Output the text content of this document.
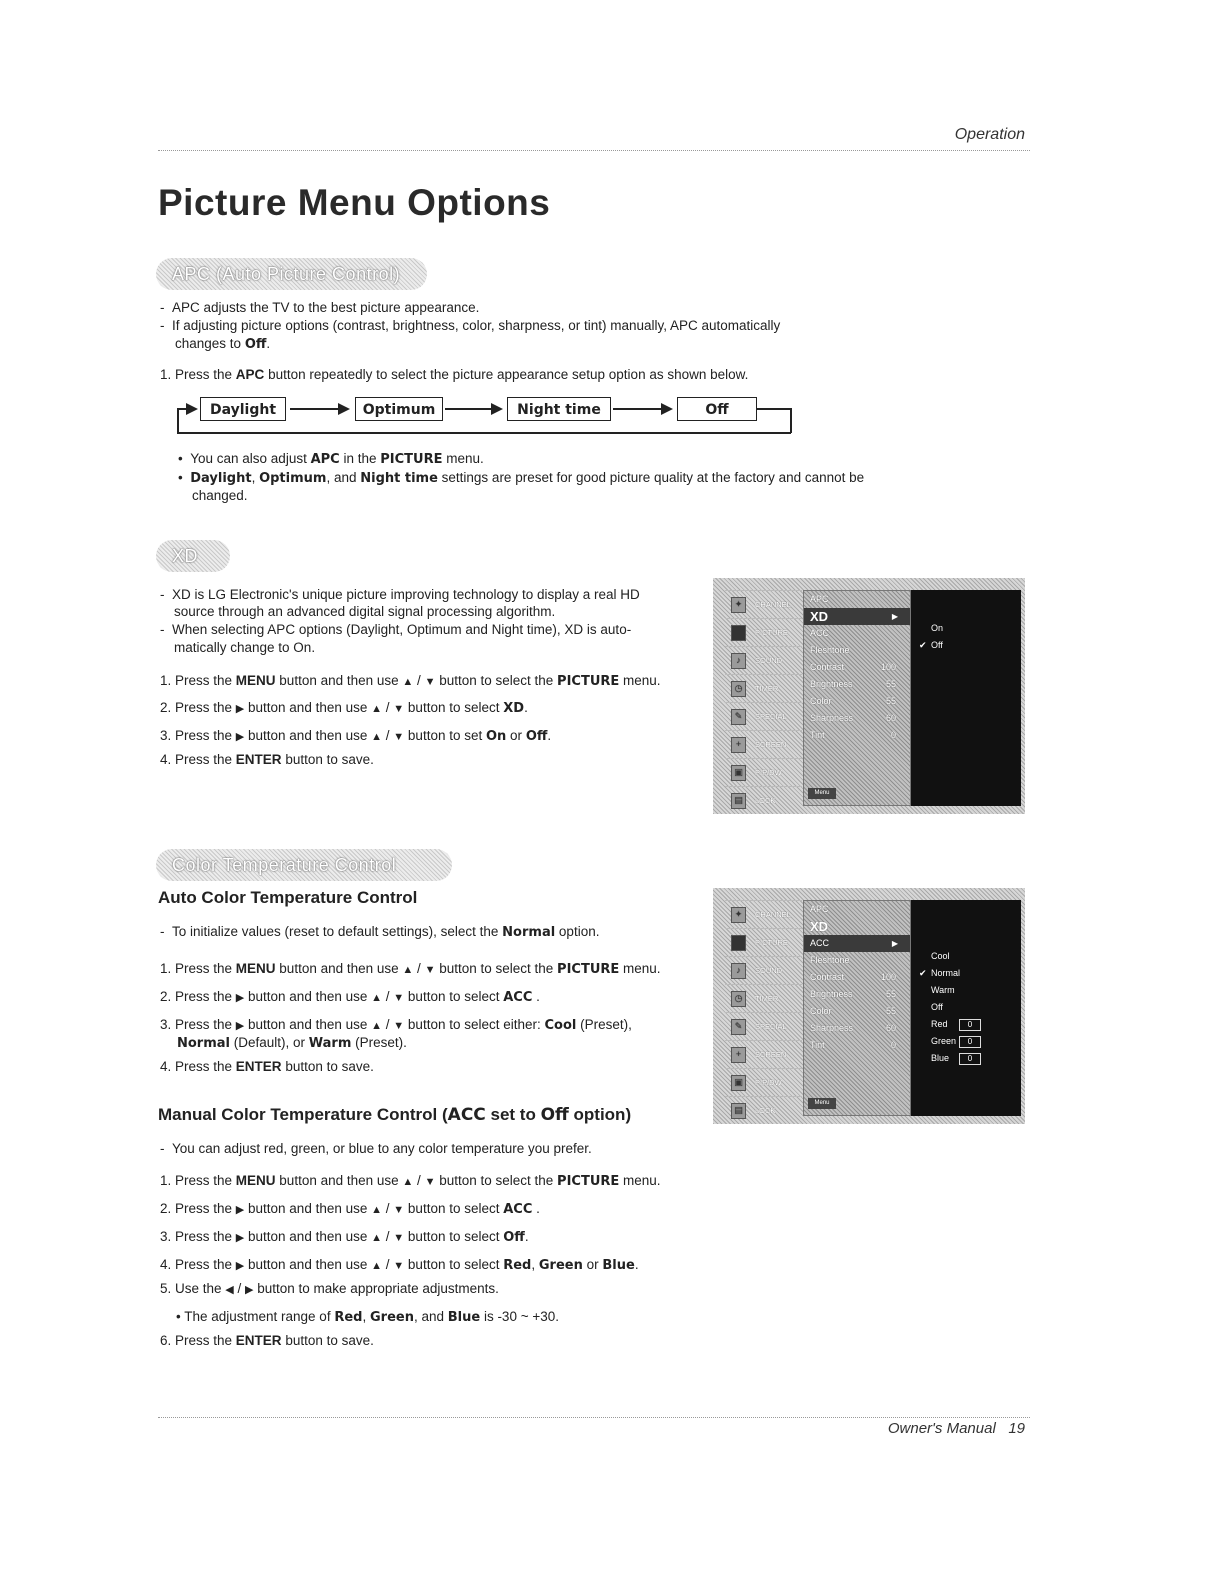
Operation
Picture Menu Options
APC (Auto Picture Control)
-  APC adjusts the TV to the best picture appearance.
-  If adjusting picture options (contrast, brightness, color, sharpness, or tint) manually, APC automatically
changes to Off.
1. Press the APC button repeatedly to select the picture appearance setup option as shown below.
Daylight	Optimum	Night time	Off
•  You can also adjust APC in the PICTURE menu.
•  Daylight, Optimum, and Night time settings are preset for good picture quality at the factory and cannot be
changed.
XD
-  XD is LG Electronic's unique picture improving technology to display a real HD
source through an advanced digital signal processing algorithm.
-  When selecting APC options (Daylight, Optimum and Night time), XD is auto-
matically change to On.
1. Press the MENU button and then use ▲ / ▼ button to select the PICTURE menu.
2. Press the ▶ button and then use ▲ / ▼ button to select XD.
3. Press the ▶ button and then use ▲ / ▼ button to set On or Off.
4. Press the ENTER button to save.
✦	CHANNEL
PICTURE
♪	SOUND
◷	TIMER
✎	SPECIAL
+	SCREEN
▣	PIP/DW
▤	LOCK
APC
XD ▶
ACC
Fleshtone
Contrast	100
Brightness	55
Color	55
Sharpness	60
Tint	0
Menu
On
✔ Off
Color Temperature Control
Auto Color Temperature Control
-  To initialize values (reset to default settings), select the Normal option.
1. Press the MENU button and then use ▲ / ▼ button to select the PICTURE menu.
2. Press the ▶ button and then use ▲ / ▼ button to select ACC .
3. Press the ▶ button and then use ▲ / ▼ button to select either: Cool (Preset),
Normal (Default), or Warm (Preset).
4. Press the ENTER button to save.
Manual Color Temperature Control (ACC set to Off option)
-  You can adjust red, green, or blue to any color temperature you prefer.
1. Press the MENU button and then use ▲ / ▼ button to select the PICTURE menu.
2. Press the ▶ button and then use ▲ / ▼ button to select ACC .
3. Press the ▶ button and then use ▲ / ▼ button to select Off.
4. Press the ▶ button and then use ▲ / ▼ button to select Red, Green or Blue.
5. Use the ◀ / ▶ button to make appropriate adjustments.
• The adjustment range of Red, Green, and Blue is -30 ~ +30.
6. Press the ENTER button to save.
✦	CHANNEL
PICTURE
♪	SOUND
◷	TIMER
✎	SPECIAL
+	SCREEN
▣	PIP/DW
▤	LOCK
APC
XD
ACC ▶
Fleshtone
Contrast	100
Brightness	55
Color	55
Sharpness	60
Tint	0
Menu
Cool
✔ Normal
Warm
Off
Red	0
Green	0
Blue	0
Owner's Manual 19
